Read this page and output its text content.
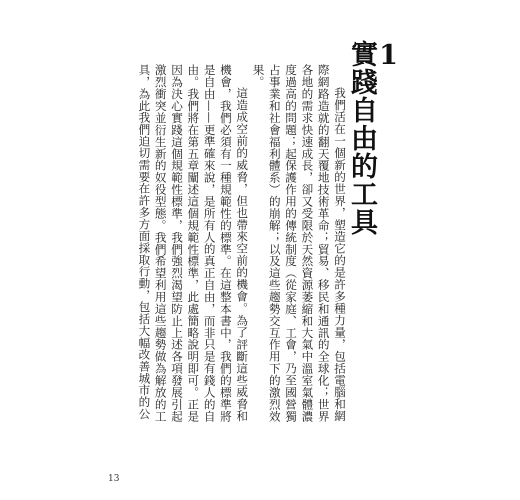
1
實踐自由的工具

我們活在一個新的世界，塑造它的是許多種力量，包括電腦和網際網路造就的翻天覆地技術革命；貿易、移民和通訊的全球化；世界各地的需求快速成長，卻又受限於天然資源萎縮和大氣中溫室氣體濃度過高的問題；起保護作用的傳統制度（從家庭、工會，乃至國營獨占事業和社會福利體系）的崩解；以及這些趨勢交互作用下的激烈效果。

這造成空前的威脅，但也帶來空前的機會。為了評斷這些威脅和機會，我們必須有一種規範性的標準。在這整本書中，我們的標準將是自由——更準確來說，是所有人的真正自由，而非只是有錢人的自由。我們將在第五章闡述這個規範性標準，此處簡略說明即可。正是因為決心實踐這個規範性標準，我們強烈渴望防止上述各項發展引起激烈衝突並衍生新的奴役型態。我們希望利用這些趨勢做為解放的工具，為此我們迫切需要在許多方面採取行動，包括大幅改善城市的公

13
